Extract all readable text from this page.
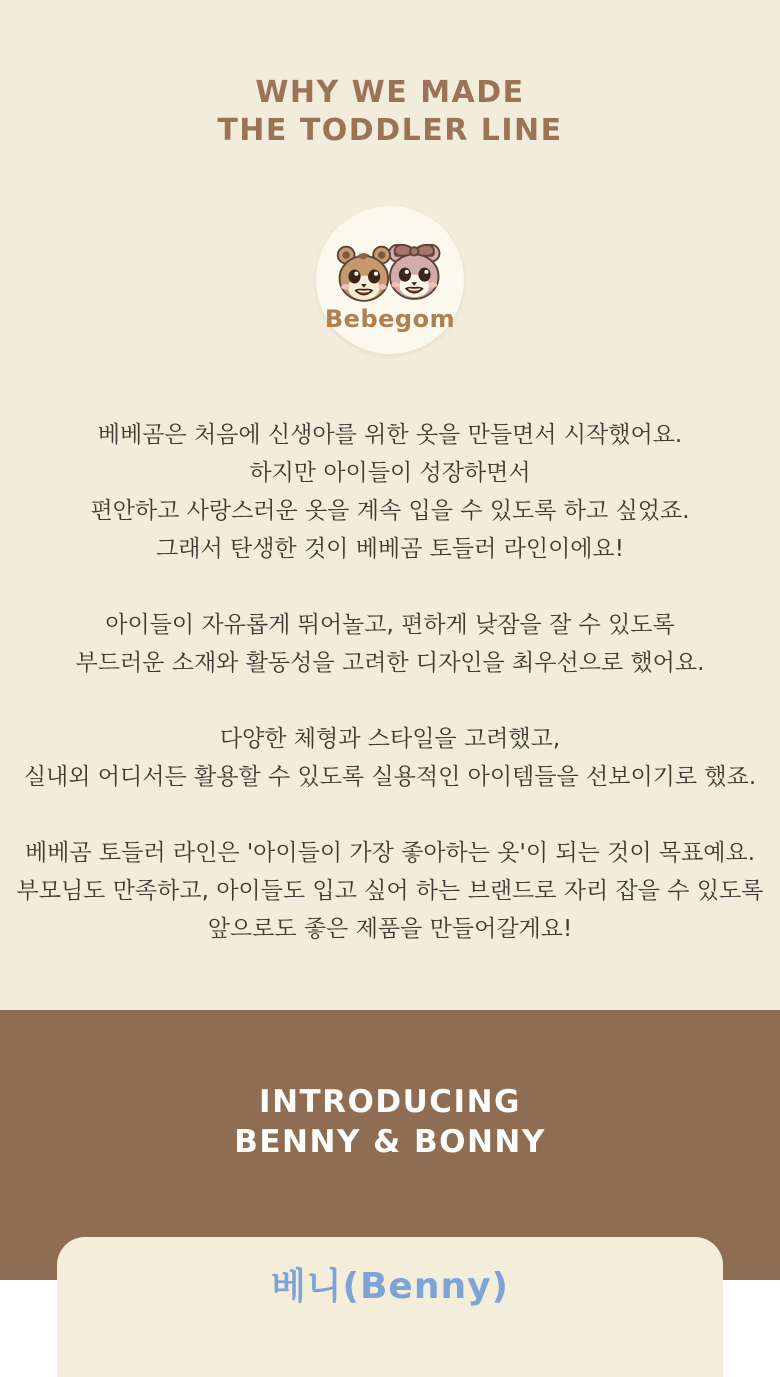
WHY WE MADE
THE TODDLER LINE
Bebegom

베베곰은 처음에 신생아를 위한 옷을 만들면서 시작했어요.
하지만 아이들이 성장하면서
편안하고 사랑스러운 옷을 계속 입을 수 있도록 하고 싶었죠.
그래서 탄생한 것이 베베곰 토들러 라인이에요!

아이들이 자유롭게 뛰어놀고, 편하게 낮잠을 잘 수 있도록
부드러운 소재와 활동성을 고려한 디자인을 최우선으로 했어요.

다양한 체형과 스타일을 고려했고,
실내외 어디서든 활용할 수 있도록 실용적인 아이템들을 선보이기로 했죠.

베베곰 토들러 라인은 '아이들이 가장 좋아하는 옷'이 되는 것이 목표예요.
부모님도 만족하고, 아이들도 입고 싶어 하는 브랜드로 자리 잡을 수 있도록
앞으로도 좋은 제품을 만들어갈게요!

INTRODUCING
BENNY & BONNY
베니(Benny)
